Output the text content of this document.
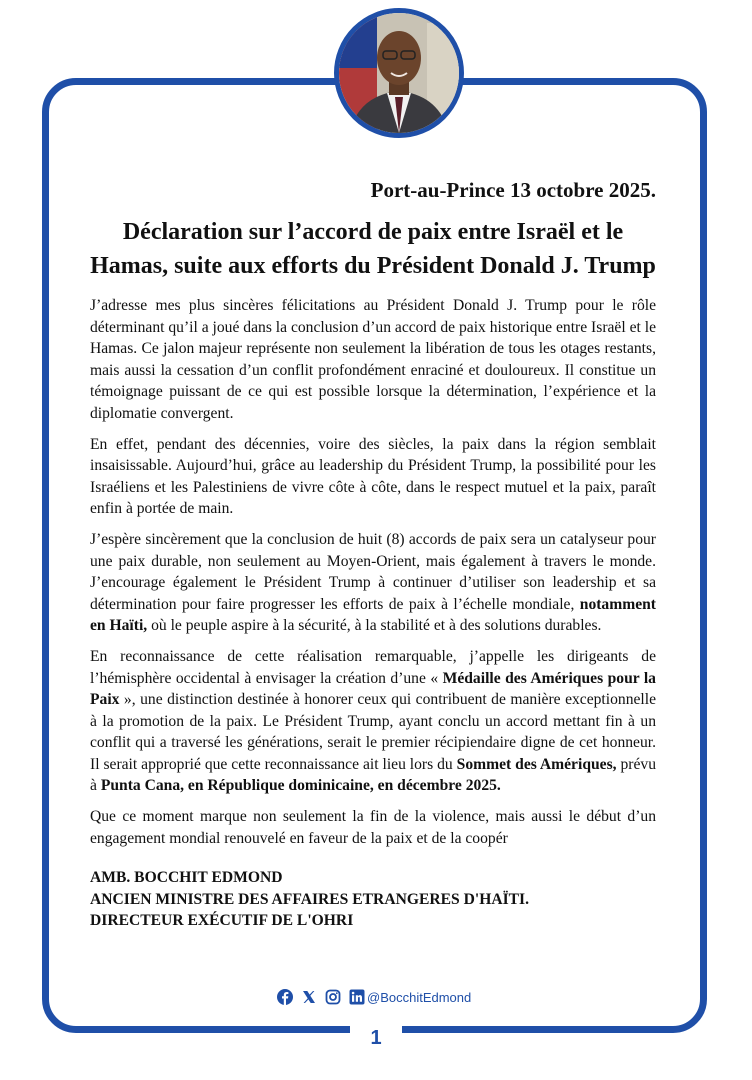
Port-au-Prince 13 octobre 2025.
Déclaration sur l’accord de paix entre Israël et le Hamas, suite aux efforts du Président Donald J. Trump

J’adresse mes plus sincères félicitations au Président Donald J. Trump pour le rôle déterminant qu’il a joué dans la conclusion d’un accord de paix historique entre Israël et le Hamas. Ce jalon majeur représente non seulement la libération de tous les otages restants, mais aussi la cessation d’un conflit profondément enraciné et douloureux. Il constitue un témoignage puissant de ce qui est possible lorsque la détermination, l’expérience et la diplomatie convergent.

En effet, pendant des décennies, voire des siècles, la paix dans la région semblait insaisissable. Aujourd’hui, grâce au leadership du Président Trump, la possibilité pour les Israéliens et les Palestiniens de vivre côte à côte, dans le respect mutuel et la paix, paraît enfin à portée de main.

J’espère sincèrement que la conclusion de huit (8) accords de paix sera un catalyseur pour une paix durable, non seulement au Moyen-Orient, mais également à travers le monde. J’encourage également le Président Trump à continuer d’utiliser son leadership et sa détermination pour faire progresser les efforts de paix à l’échelle mondiale, notamment en Haïti, où le peuple aspire à la sécurité, à la stabilité et à des solutions durables.

En reconnaissance de cette réalisation remarquable, j’appelle les dirigeants de l’hémisphère occidental à envisager la création d’une « Médaille des Amériques pour la Paix », une distinction destinée à honorer ceux qui contribuent de manière exceptionnelle à la promotion de la paix. Le Président Trump, ayant conclu un accord mettant fin à un conflit qui a traversé les générations, serait le premier récipiendaire digne de cet honneur. Il serait approprié que cette reconnaissance ait lieu lors du Sommet des Amériques, prévu à Punta Cana, en République dominicaine, en décembre 2025.

Que ce moment marque non seulement la fin de la violence, mais aussi le début d’un engagement mondial renouvelé en faveur de la paix et de la coopér

AMB. BOCCHIT EDMOND
ANCIEN MINISTRE DES AFFAIRES ETRANGERES D'HAÏTI.
DIRECTEUR EXÉCUTIF DE L'OHRI
@BocchitEdmond
1
